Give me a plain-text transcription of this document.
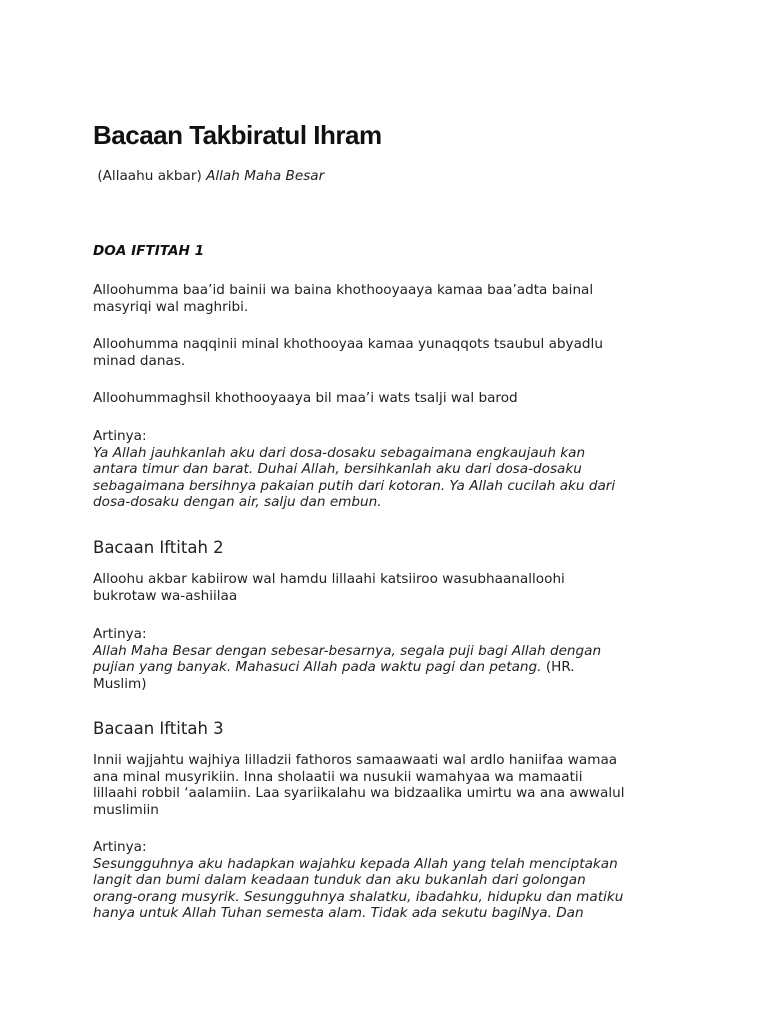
Bacaan Takbiratul Ihram
(Allaahu akbar) Allah Maha Besar
DOA IFTITAH 1
Alloohumma baa’id bainii wa baina khothooyaaya kamaa baa’adta bainal
masyriqi wal maghribi.
Alloohumma naqqinii minal khothooyaa kamaa yunaqqots tsaubul abyadlu
minad danas.
Alloohummaghsil khothooyaaya bil maa’i wats tsalji wal barod
Artinya:
Ya Allah jauhkanlah aku dari dosa-dosaku sebagaimana engkaujauh kan
antara timur dan barat. Duhai Allah, bersihkanlah aku dari dosa-dosaku
sebagaimana bersihnya pakaian putih dari kotoran. Ya Allah cucilah aku dari
dosa-dosaku dengan air, salju dan embun.
Bacaan Iftitah 2
Alloohu akbar kabiirow wal hamdu lillaahi katsiiroo wasubhaanalloohi
bukrotaw wa-ashiilaa
Artinya:
Allah Maha Besar dengan sebesar-besarnya, segala puji bagi Allah dengan
pujian yang banyak. Mahasuci Allah pada waktu pagi dan petang. (HR.
Muslim)
Bacaan Iftitah 3
Innii wajjahtu wajhiya lilladzii fathoros samaawaati wal ardlo haniifaa wamaa
ana minal musyrikiin. Inna sholaatii wa nusukii wamahyaa wa mamaatii
lillaahi robbil ‘aalamiin. Laa syariikalahu wa bidzaalika umirtu wa ana awwalul
muslimiin
Artinya:
Sesungguhnya aku hadapkan wajahku kepada Allah yang telah menciptakan
langit dan bumi dalam keadaan tunduk dan aku bukanlah dari golongan
orang-orang musyrik. Sesungguhnya shalatku, ibadahku, hidupku dan matiku
hanya untuk Allah Tuhan semesta alam. Tidak ada sekutu bagiNya. Dan
